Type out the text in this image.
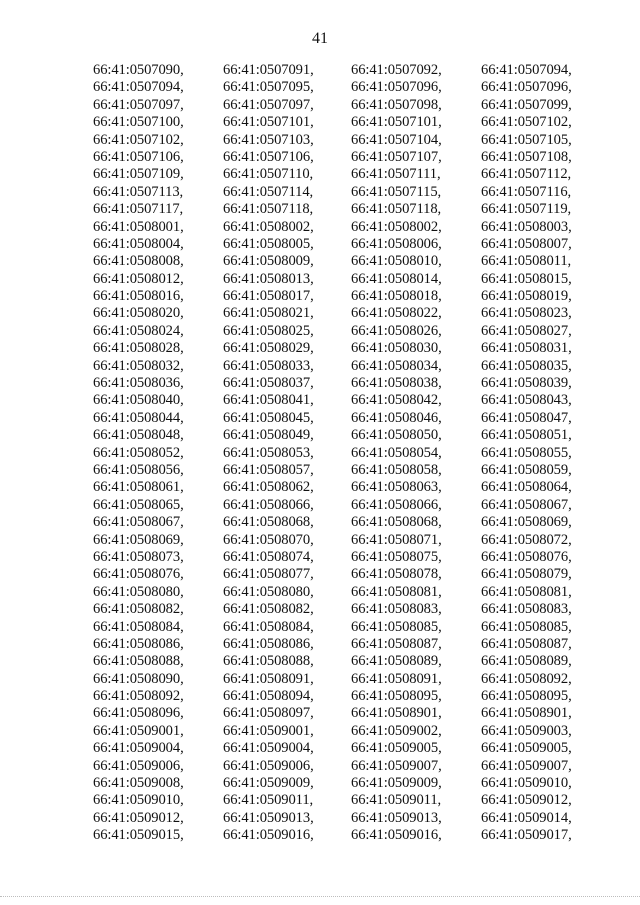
41
66:41:0507090,	66:41:0507091,	66:41:0507092,	66:41:0507094,
66:41:0507094,	66:41:0507095,	66:41:0507096,	66:41:0507096,
66:41:0507097,	66:41:0507097,	66:41:0507098,	66:41:0507099,
66:41:0507100,	66:41:0507101,	66:41:0507101,	66:41:0507102,
66:41:0507102,	66:41:0507103,	66:41:0507104,	66:41:0507105,
66:41:0507106,	66:41:0507106,	66:41:0507107,	66:41:0507108,
66:41:0507109,	66:41:0507110,	66:41:0507111,	66:41:0507112,
66:41:0507113,	66:41:0507114,	66:41:0507115,	66:41:0507116,
66:41:0507117,	66:41:0507118,	66:41:0507118,	66:41:0507119,
66:41:0508001,	66:41:0508002,	66:41:0508002,	66:41:0508003,
66:41:0508004,	66:41:0508005,	66:41:0508006,	66:41:0508007,
66:41:0508008,	66:41:0508009,	66:41:0508010,	66:41:0508011,
66:41:0508012,	66:41:0508013,	66:41:0508014,	66:41:0508015,
66:41:0508016,	66:41:0508017,	66:41:0508018,	66:41:0508019,
66:41:0508020,	66:41:0508021,	66:41:0508022,	66:41:0508023,
66:41:0508024,	66:41:0508025,	66:41:0508026,	66:41:0508027,
66:41:0508028,	66:41:0508029,	66:41:0508030,	66:41:0508031,
66:41:0508032,	66:41:0508033,	66:41:0508034,	66:41:0508035,
66:41:0508036,	66:41:0508037,	66:41:0508038,	66:41:0508039,
66:41:0508040,	66:41:0508041,	66:41:0508042,	66:41:0508043,
66:41:0508044,	66:41:0508045,	66:41:0508046,	66:41:0508047,
66:41:0508048,	66:41:0508049,	66:41:0508050,	66:41:0508051,
66:41:0508052,	66:41:0508053,	66:41:0508054,	66:41:0508055,
66:41:0508056,	66:41:0508057,	66:41:0508058,	66:41:0508059,
66:41:0508061,	66:41:0508062,	66:41:0508063,	66:41:0508064,
66:41:0508065,	66:41:0508066,	66:41:0508066,	66:41:0508067,
66:41:0508067,	66:41:0508068,	66:41:0508068,	66:41:0508069,
66:41:0508069,	66:41:0508070,	66:41:0508071,	66:41:0508072,
66:41:0508073,	66:41:0508074,	66:41:0508075,	66:41:0508076,
66:41:0508076,	66:41:0508077,	66:41:0508078,	66:41:0508079,
66:41:0508080,	66:41:0508080,	66:41:0508081,	66:41:0508081,
66:41:0508082,	66:41:0508082,	66:41:0508083,	66:41:0508083,
66:41:0508084,	66:41:0508084,	66:41:0508085,	66:41:0508085,
66:41:0508086,	66:41:0508086,	66:41:0508087,	66:41:0508087,
66:41:0508088,	66:41:0508088,	66:41:0508089,	66:41:0508089,
66:41:0508090,	66:41:0508091,	66:41:0508091,	66:41:0508092,
66:41:0508092,	66:41:0508094,	66:41:0508095,	66:41:0508095,
66:41:0508096,	66:41:0508097,	66:41:0508901,	66:41:0508901,
66:41:0509001,	66:41:0509001,	66:41:0509002,	66:41:0509003,
66:41:0509004,	66:41:0509004,	66:41:0509005,	66:41:0509005,
66:41:0509006,	66:41:0509006,	66:41:0509007,	66:41:0509007,
66:41:0509008,	66:41:0509009,	66:41:0509009,	66:41:0509010,
66:41:0509010,	66:41:0509011,	66:41:0509011,	66:41:0509012,
66:41:0509012,	66:41:0509013,	66:41:0509013,	66:41:0509014,
66:41:0509015,	66:41:0509016,	66:41:0509016,	66:41:0509017,
